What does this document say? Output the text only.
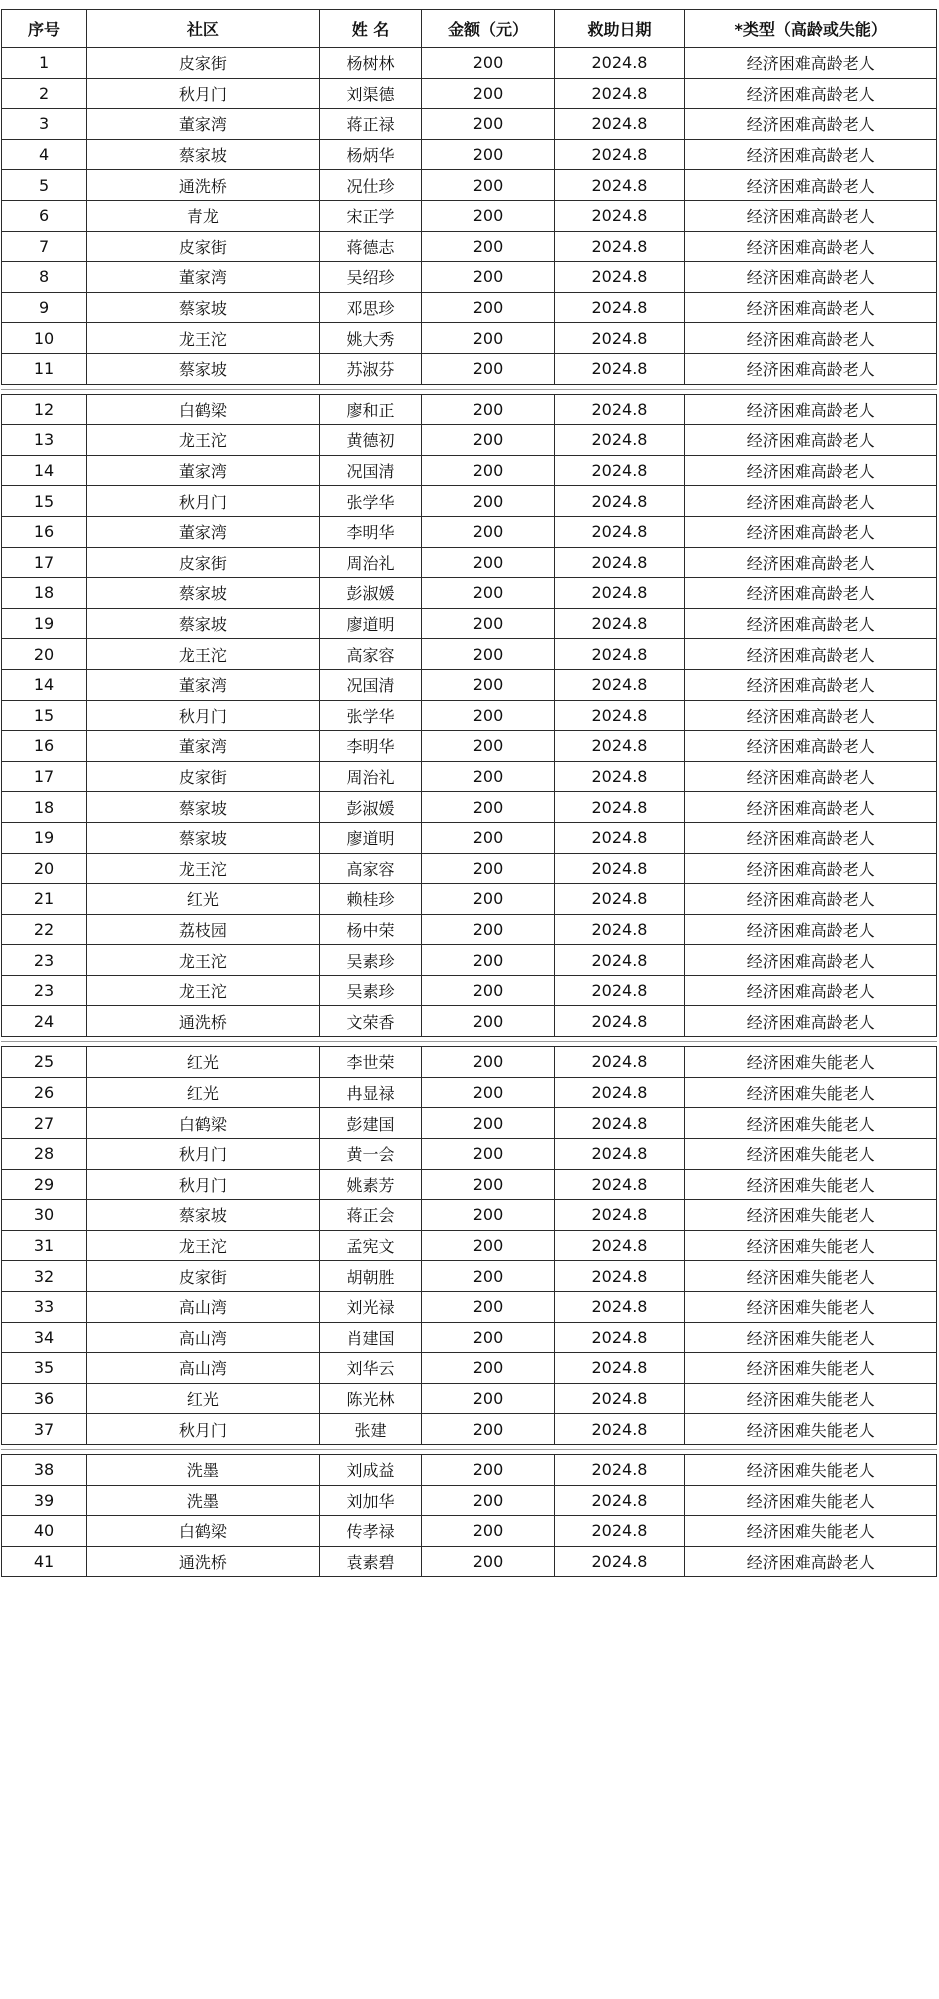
序号	社区	姓 名	金额（元）	救助日期	*类型（高龄或失能）
1	皮家街	杨树林	200	2024.8	经济困难高龄老人
2	秋月门	刘渠德	200	2024.8	经济困难高龄老人
3	董家湾	蒋正禄	200	2024.8	经济困难高龄老人
4	蔡家坡	杨炳华	200	2024.8	经济困难高龄老人
5	通洗桥	况仕珍	200	2024.8	经济困难高龄老人
6	青龙	宋正学	200	2024.8	经济困难高龄老人
7	皮家街	蒋德志	200	2024.8	经济困难高龄老人
8	董家湾	吴绍珍	200	2024.8	经济困难高龄老人
9	蔡家坡	邓思珍	200	2024.8	经济困难高龄老人
10	龙王沱	姚大秀	200	2024.8	经济困难高龄老人
11	蔡家坡	苏淑芬	200	2024.8	经济困难高龄老人
12	白鹤梁	廖和正	200	2024.8	经济困难高龄老人
13	龙王沱	黄德初	200	2024.8	经济困难高龄老人
14	董家湾	况国清	200	2024.8	经济困难高龄老人
15	秋月门	张学华	200	2024.8	经济困难高龄老人
16	董家湾	李明华	200	2024.8	经济困难高龄老人
17	皮家街	周治礼	200	2024.8	经济困难高龄老人
18	蔡家坡	彭淑媛	200	2024.8	经济困难高龄老人
19	蔡家坡	廖道明	200	2024.8	经济困难高龄老人
20	龙王沱	高家容	200	2024.8	经济困难高龄老人
14	董家湾	况国清	200	2024.8	经济困难高龄老人
15	秋月门	张学华	200	2024.8	经济困难高龄老人
16	董家湾	李明华	200	2024.8	经济困难高龄老人
17	皮家街	周治礼	200	2024.8	经济困难高龄老人
18	蔡家坡	彭淑媛	200	2024.8	经济困难高龄老人
19	蔡家坡	廖道明	200	2024.8	经济困难高龄老人
20	龙王沱	高家容	200	2024.8	经济困难高龄老人
21	红光	赖桂珍	200	2024.8	经济困难高龄老人
22	荔枝园	杨中荣	200	2024.8	经济困难高龄老人
23	龙王沱	吴素珍	200	2024.8	经济困难高龄老人
23	龙王沱	吴素珍	200	2024.8	经济困难高龄老人
24	通洗桥	文荣香	200	2024.8	经济困难高龄老人
25	红光	李世荣	200	2024.8	经济困难失能老人
26	红光	冉显禄	200	2024.8	经济困难失能老人
27	白鹤梁	彭建国	200	2024.8	经济困难失能老人
28	秋月门	黄一会	200	2024.8	经济困难失能老人
29	秋月门	姚素芳	200	2024.8	经济困难失能老人
30	蔡家坡	蒋正会	200	2024.8	经济困难失能老人
31	龙王沱	孟宪文	200	2024.8	经济困难失能老人
32	皮家街	胡朝胜	200	2024.8	经济困难失能老人
33	高山湾	刘光禄	200	2024.8	经济困难失能老人
34	高山湾	肖建国	200	2024.8	经济困难失能老人
35	高山湾	刘华云	200	2024.8	经济困难失能老人
36	红光	陈光林	200	2024.8	经济困难失能老人
37	秋月门	张建	200	2024.8	经济困难失能老人
38	洗墨	刘成益	200	2024.8	经济困难失能老人
39	洗墨	刘加华	200	2024.8	经济困难失能老人
40	白鹤梁	传孝禄	200	2024.8	经济困难失能老人
41	通洗桥	袁素碧	200	2024.8	经济困难高龄老人
